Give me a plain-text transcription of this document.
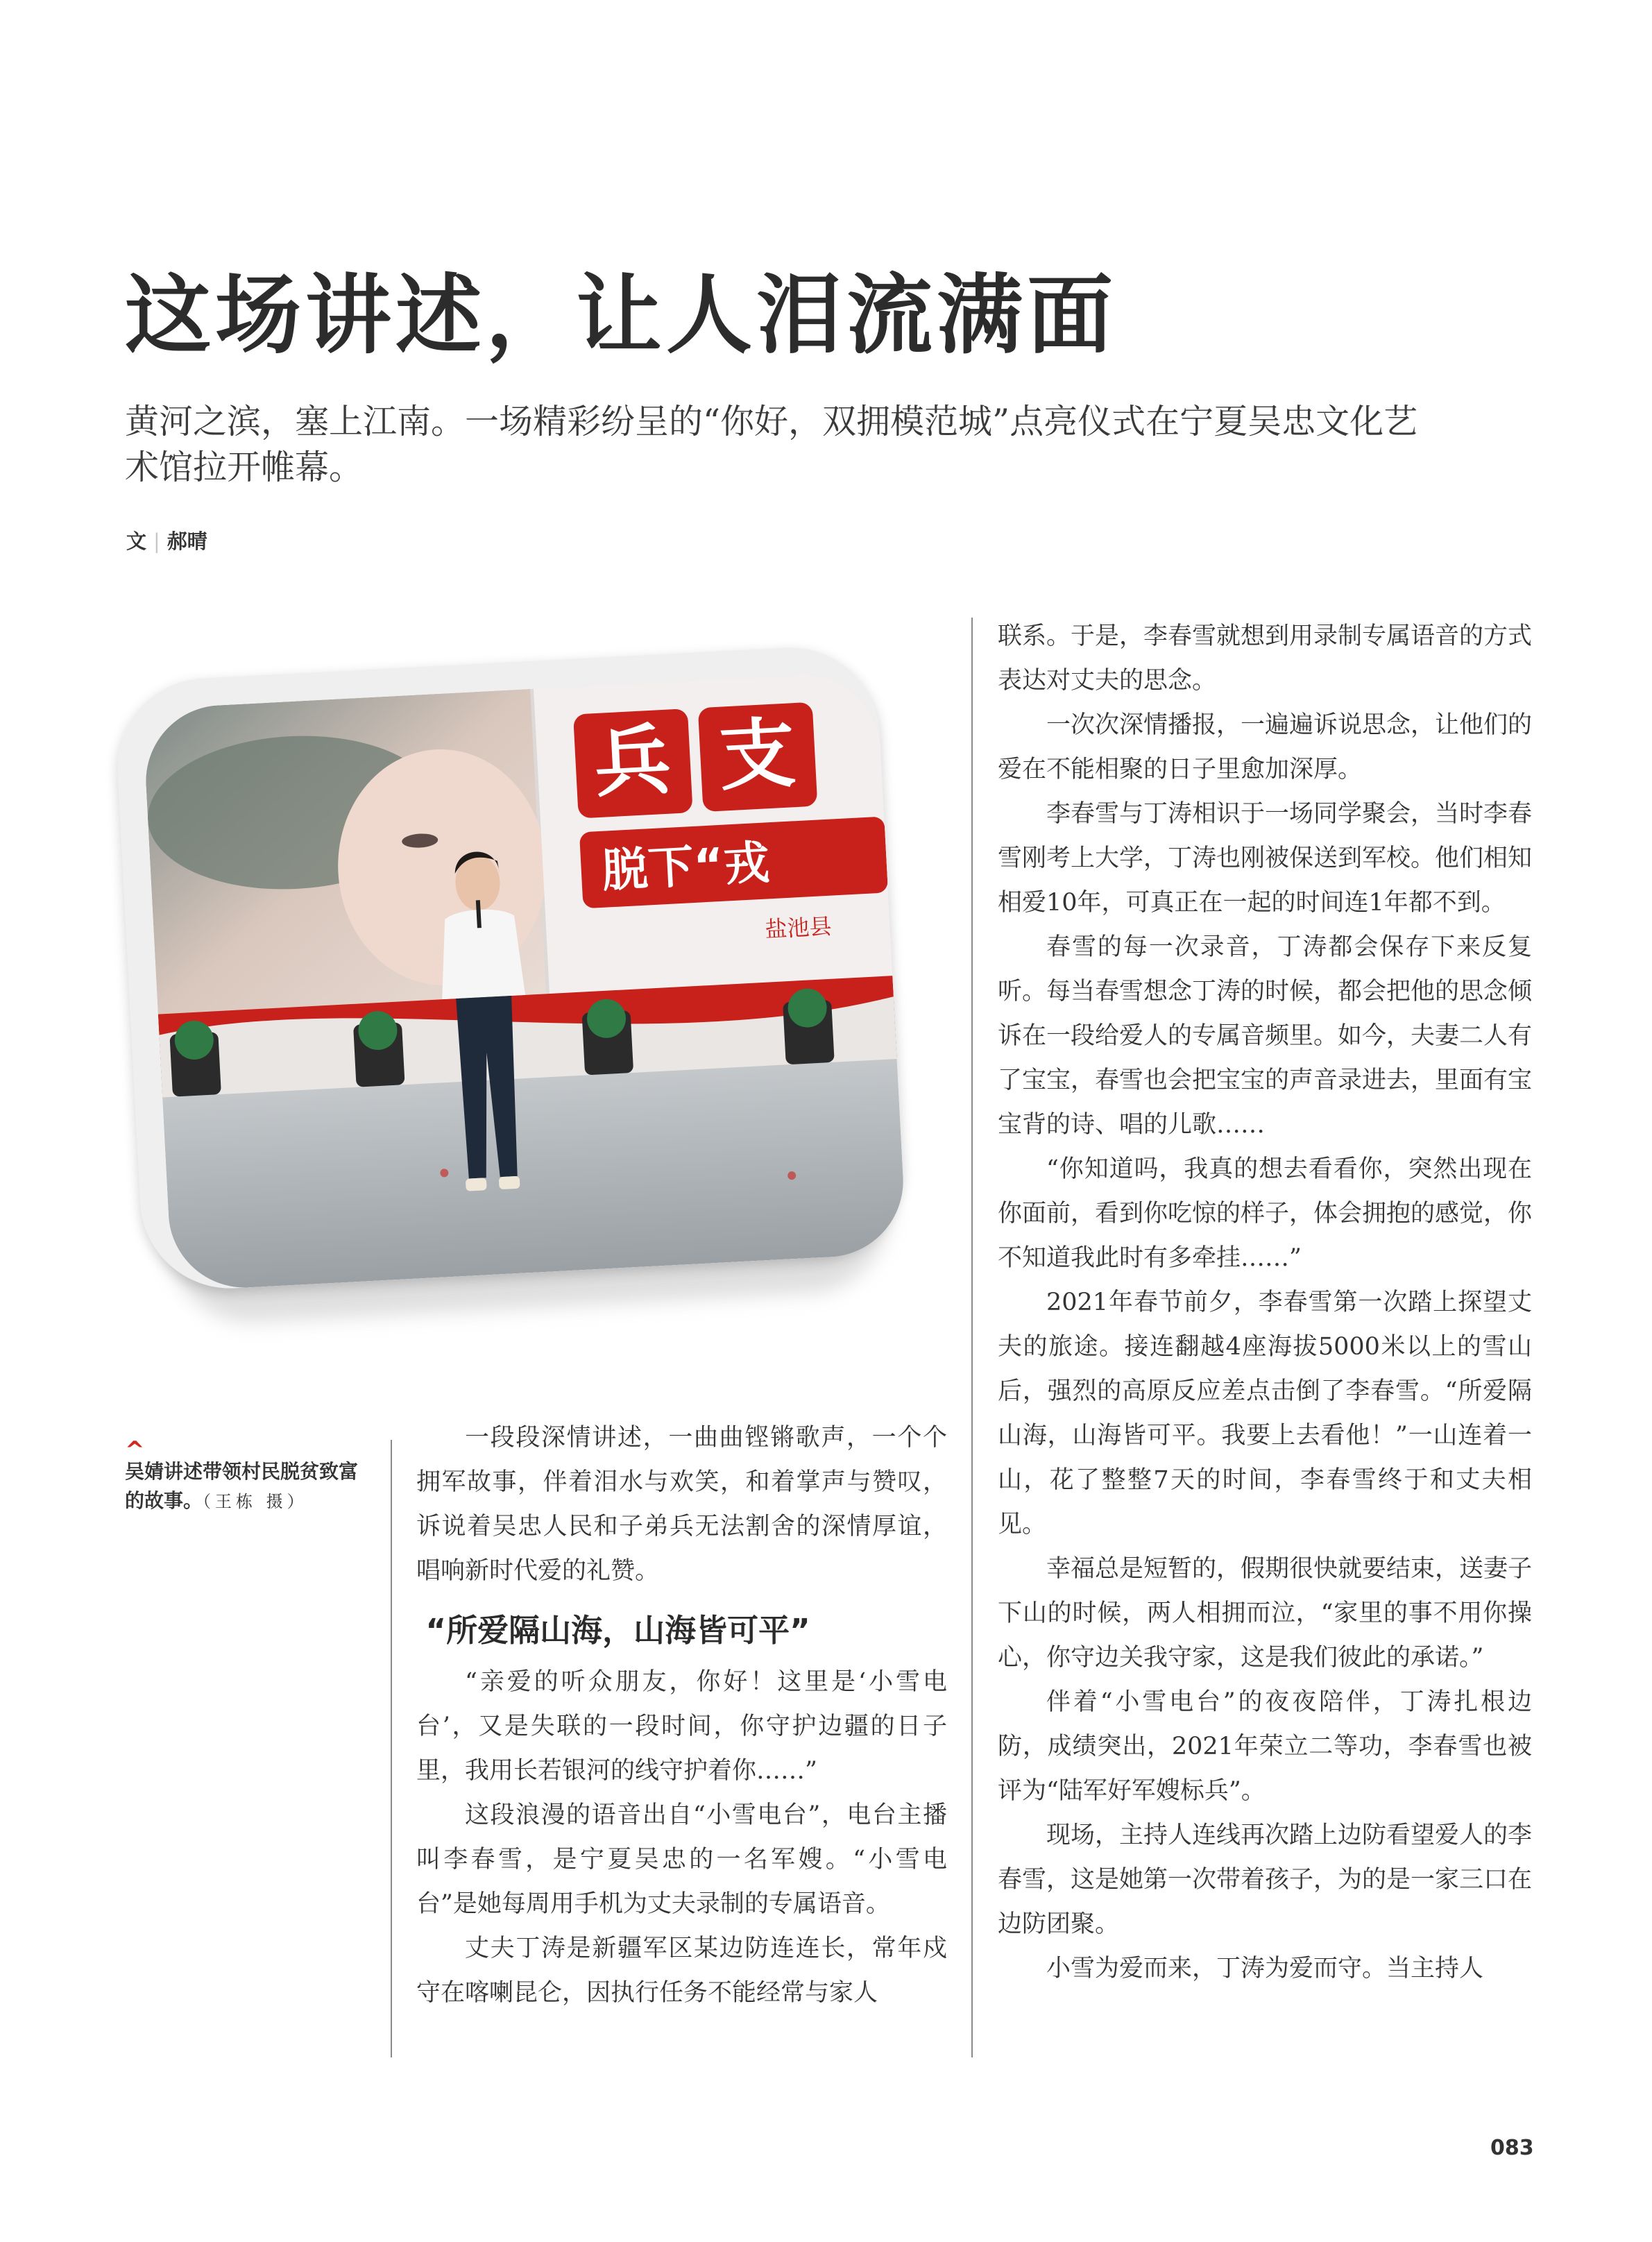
这场讲述，让人泪流满面
黄河之滨，塞上江南。一场精彩纷呈的“你好，双拥模范城”点亮仪式在宁夏吴忠文化艺术馆拉开帷幕。
文 | 郝晴
兵 支
脱下“戎
盐池县
^
吴婧讲述带领村民脱贫致富的故事。（王栋 摄）

一段段深情讲述，一曲曲铿锵歌声，一个个拥军故事，伴着泪水与欢笑，和着掌声与赞叹，诉说着吴忠人民和子弟兵无法割舍的深情厚谊，唱响新时代爱的礼赞。

“所爱隔山海，山海皆可平”

“亲爱的听众朋友，你好！这里是‘小雪电台’，又是失联的一段时间，你守护边疆的日子里，我用长若银河的线守护着你……”

这段浪漫的语音出自“小雪电台”，电台主播叫李春雪，是宁夏吴忠的一名军嫂。“小雪电台”是她每周用手机为丈夫录制的专属语音。

丈夫丁涛是新疆军区某边防连连长，常年戍守在喀喇昆仑，因执行任务不能经常与家人

联系。于是，李春雪就想到用录制专属语音的方式表达对丈夫的思念。

一次次深情播报，一遍遍诉说思念，让他们的爱在不能相聚的日子里愈加深厚。

李春雪与丁涛相识于一场同学聚会，当时李春雪刚考上大学，丁涛也刚被保送到军校。他们相知相爱10年，可真正在一起的时间连1年都不到。

春雪的每一次录音，丁涛都会保存下来反复听。每当春雪想念丁涛的时候，都会把他的思念倾诉在一段给爱人的专属音频里。如今，夫妻二人有了宝宝，春雪也会把宝宝的声音录进去，里面有宝宝背的诗、唱的儿歌……

“你知道吗，我真的想去看看你，突然出现在你面前，看到你吃惊的样子，体会拥抱的感觉，你不知道我此时有多牵挂……”

2021年春节前夕，李春雪第一次踏上探望丈夫的旅途。接连翻越4座海拔5000米以上的雪山后，强烈的高原反应差点击倒了李春雪。“所爱隔山海，山海皆可平。我要上去看他！”一山连着一山，花了整整7天的时间，李春雪终于和丈夫相见。

幸福总是短暂的，假期很快就要结束，送妻子下山的时候，两人相拥而泣，“家里的事不用你操心，你守边关我守家，这是我们彼此的承诺。”

伴着“小雪电台”的夜夜陪伴，丁涛扎根边防，成绩突出，2021年荣立二等功，李春雪也被评为“陆军好军嫂标兵”。

现场，主持人连线再次踏上边防看望爱人的李春雪，这是她第一次带着孩子，为的是一家三口在边防团聚。

小雪为爱而来，丁涛为爱而守。当主持人

083
